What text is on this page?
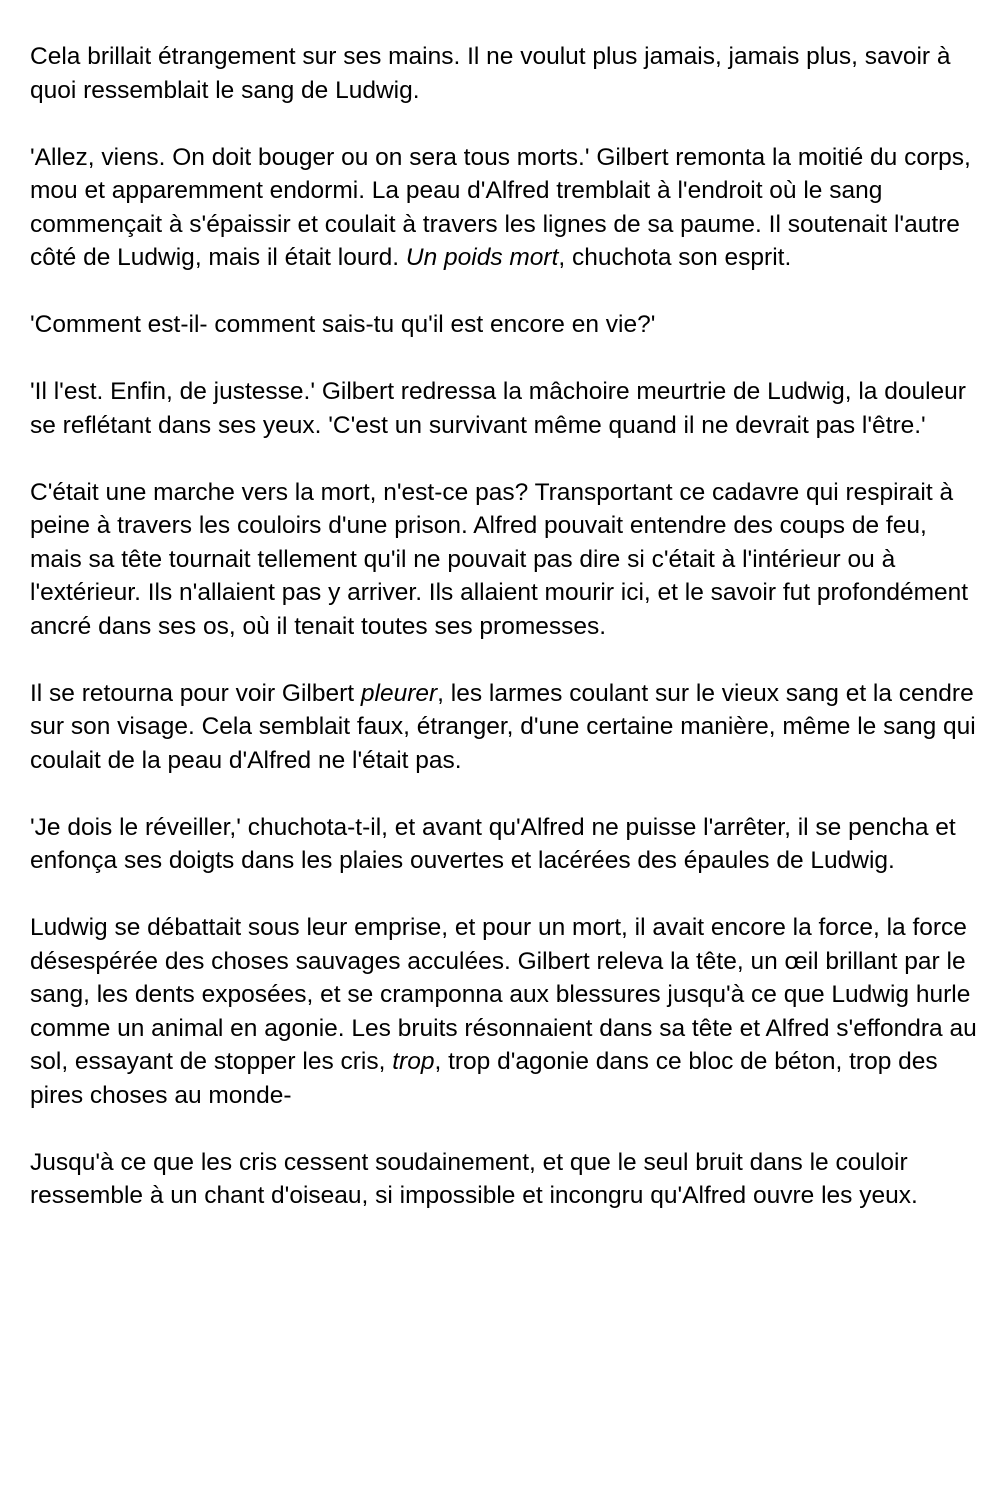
Cela brillait étrangement sur ses mains. Il ne voulut plus jamais, jamais plus, savoir à quoi ressemblait le sang de Ludwig.

'Allez, viens. On doit bouger ou on sera tous morts.' Gilbert remonta la moitié du corps, mou et apparemment endormi. La peau d'Alfred tremblait à l'endroit où le sang commençait à s'épaissir et coulait à travers les lignes de sa paume. Il soutenait l'autre côté de Ludwig, mais il était lourd. Un poids mort, chuchota son esprit.

'Comment est-il- comment sais-tu qu'il est encore en vie?'

'Il l'est. Enfin, de justesse.' Gilbert redressa la mâchoire meurtrie de Ludwig, la douleur se reflétant dans ses yeux. 'C'est un survivant même quand il ne devrait pas l'être.'

C'était une marche vers la mort, n'est-ce pas? Transportant ce cadavre qui respirait à peine à travers les couloirs d'une prison. Alfred pouvait entendre des coups de feu, mais sa tête tournait tellement qu'il ne pouvait pas dire si c'était à l'intérieur ou à l'extérieur. Ils n'allaient pas y arriver. Ils allaient mourir ici, et le savoir fut profondément ancré dans ses os, où il tenait toutes ses promesses.

Il se retourna pour voir Gilbert pleurer, les larmes coulant sur le vieux sang et la cendre sur son visage. Cela semblait faux, étranger, d'une certaine manière, même le sang qui coulait de la peau d'Alfred ne l'était pas.

'Je dois le réveiller,' chuchota-t-il, et avant qu'Alfred ne puisse l'arrêter, il se pencha et enfonça ses doigts dans les plaies ouvertes et lacérées des épaules de Ludwig.

Ludwig se débattait sous leur emprise, et pour un mort, il avait encore la force, la force désespérée des choses sauvages acculées. Gilbert releva la tête, un œil brillant par le sang, les dents exposées, et se cramponna aux blessures jusqu'à ce que Ludwig hurle comme un animal en agonie. Les bruits résonnaient dans sa tête et Alfred s'effondra au sol, essayant de stopper les cris, trop, trop d'agonie dans ce bloc de béton, trop des pires choses au monde-

Jusqu'à ce que les cris cessent soudainement, et que le seul bruit dans le couloir ressemble à un chant d'oiseau, si impossible et incongru qu'Alfred ouvre les yeux.
